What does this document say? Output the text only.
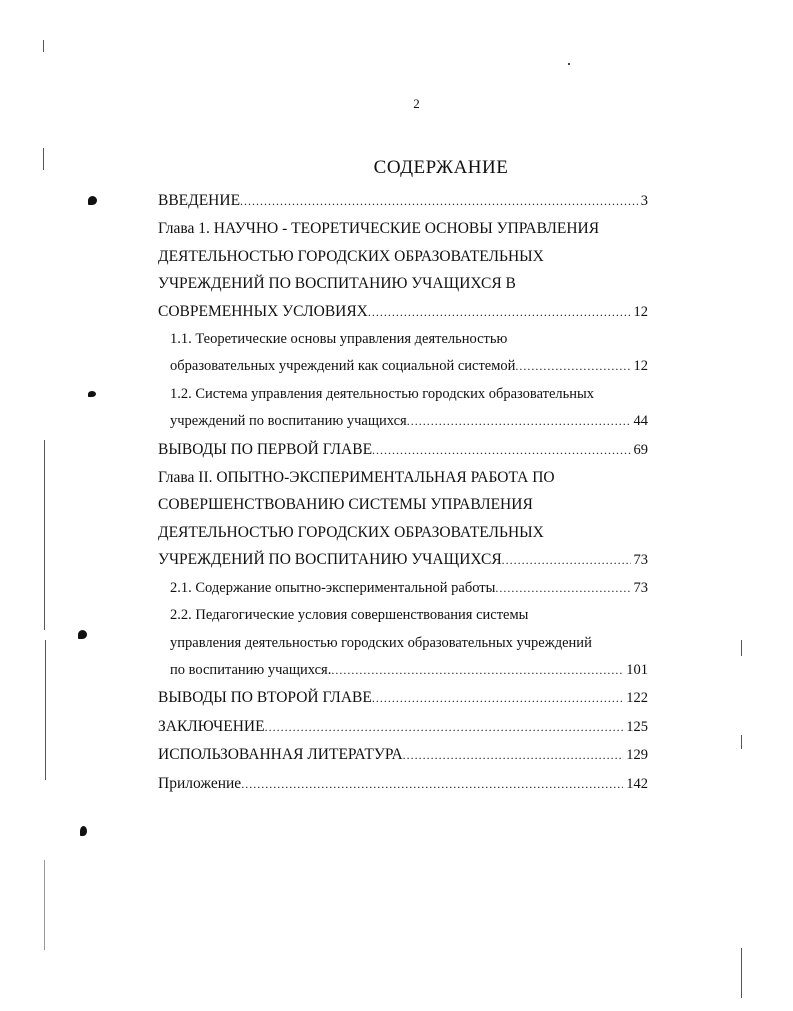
2
СОДЕРЖАНИЕ
ВВЕДЕНИЕ .....	3
Глава 1. НАУЧНО - ТЕОРЕТИЧЕСКИЕ ОСНОВЫ УПРАВЛЕНИЯ
ДЕЯТЕЛЬНОСТЬЮ ГОРОДСКИХ ОБРАЗОВАТЕЛЬНЫХ
УЧРЕЖДЕНИЙ ПО ВОСПИТАНИЮ УЧАЩИХСЯ В
СОВРЕМЕННЫХ УСЛОВИЯХ .....	12
1.1. Теоретические основы управления деятельностью
образовательных учреждений как социальной системой .....	12
1.2. Система управления деятельностью городских образовательных
учреждений по воспитанию учащихся .....	44
ВЫВОДЫ ПО ПЕРВОЙ ГЛАВЕ .....	69
Глава II. ОПЫТНО-ЭКСПЕРИМЕНТАЛЬНАЯ РАБОТА ПО
СОВЕРШЕНСТВОВАНИЮ СИСТЕМЫ УПРАВЛЕНИЯ
ДЕЯТЕЛЬНОСТЬЮ ГОРОДСКИХ ОБРАЗОВАТЕЛЬНЫХ
УЧРЕЖДЕНИЙ ПО ВОСПИТАНИЮ УЧАЩИХСЯ .....	73
2.1. Содержание опытно-экспериментальной работы .....	73
2.2. Педагогические условия совершенствования системы
управления деятельностью городских образовательных учреждений
по воспитанию учащихся. .....	101
ВЫВОДЫ ПО ВТОРОЙ ГЛАВЕ .....	122
ЗАКЛЮЧЕНИЕ .....	125
ИСПОЛЬЗОВАННАЯ ЛИТЕРАТУРА .....	129
Приложение .....	142
